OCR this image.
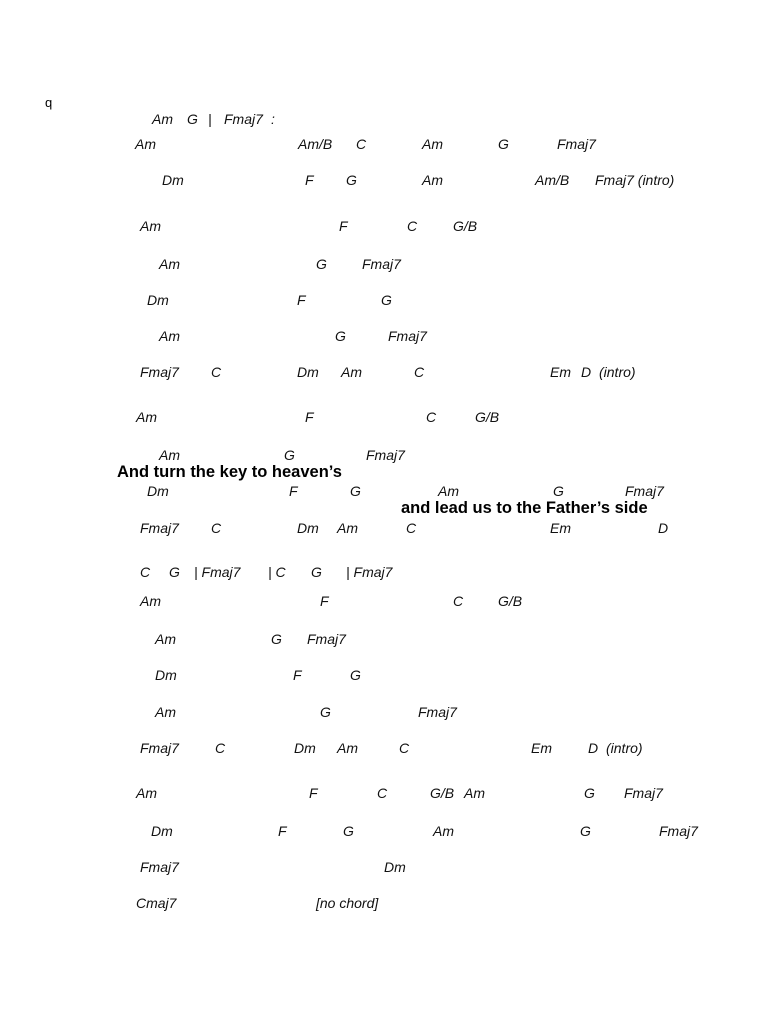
q
Am G | Fmaj7 :
Am	Am/B C	Am	G	Fmaj7
Dm	F G	Am	Am/B Fmaj7 (intro)
Am	F	C	G/B
Am	G	Fmaj7
Dm	F	G
Am	G	Fmaj7
Fmaj7 C	Dm Am	C	Em D (intro)
Am	F	C	G/B
Am	G	Fmaj7
And turn the key to heaven’s
Dm	F	G	Am	G	Fmaj7
and lead us to the Father’s side
Fmaj7 C	Dm Am	C	Em	D
C G | Fmaj7 | C G | Fmaj7
Am	F	C G/B
Am	G Fmaj7
Dm	F	G
Am	G	Fmaj7
Fmaj7	C	Dm Am	C	Em	D (intro)
Am	F	C	G/B Am	G Fmaj7
Dm	F	G	Am	G	Fmaj7
Fmaj7	Dm
Cmaj7	[no chord]
